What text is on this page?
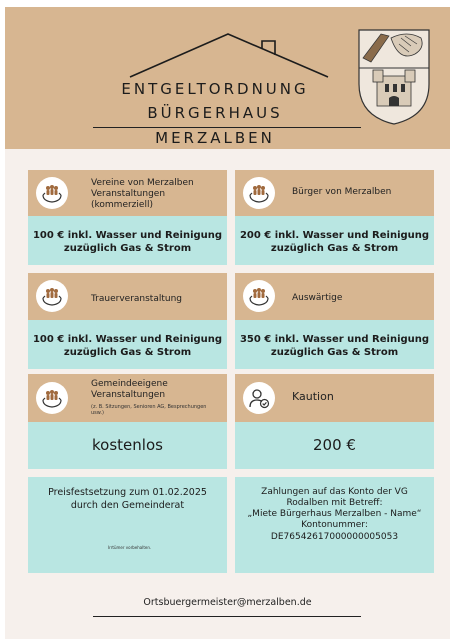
ENTGELTORDNUNG
BÜRGERHAUS
MERZALBEN
Vereine von Merzalben Veranstaltungen (kommerziell)
100 € inkl. Wasser und Reinigung zuzüglich Gas & Strom
Bürger von Merzalben
200 € inkl. Wasser und Reinigung zuzüglich Gas & Strom
Trauerveranstaltung
100 € inkl. Wasser und Reinigung zuzüglich Gas & Strom
Auswärtige
350 € inkl. Wasser und Reinigung zuzüglich Gas & Strom
Gemeindeeigene Veranstaltungen
(z. B. Sitzungen, Senioren AG, Besprechungen usw.)
kostenlos
Kaution
200 €
Preisfestsetzung zum 01.02.2025
durch den Gemeinderat
Irrtümer vorbehalten.
Zahlungen auf das Konto der VG
Rodalben mit Betreff:
„Miete Bürgerhaus Merzalben - Name“
Kontonummer:
DE76542617000000005053
Ortsbuergermeister@merzalben.de
